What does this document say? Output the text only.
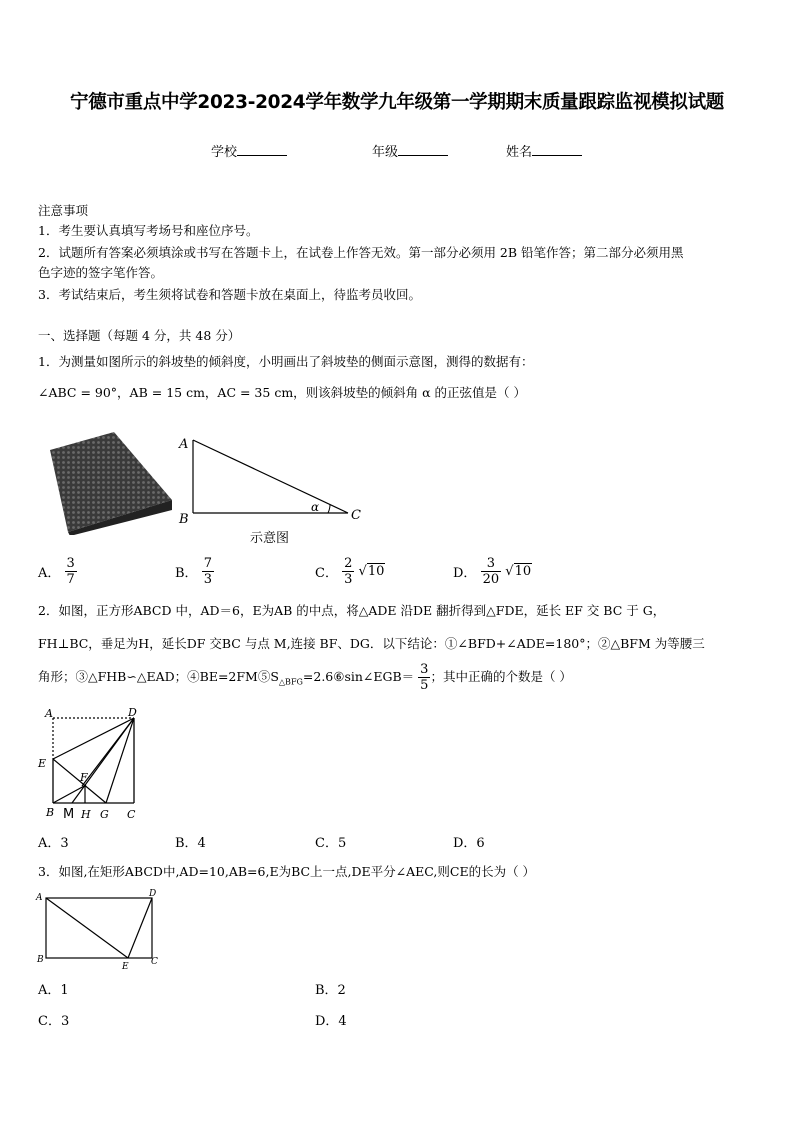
宁德市重点中学2023-2024学年数学九年级第一学期期末质量跟踪监视模拟试题
学校	年级	姓名
注意事项
1．考生要认真填写考场号和座位序号。
2．试题所有答案必须填涂或书写在答题卡上，在试卷上作答无效。第一部分必须用 2B 铅笔作答；第二部分必须用黑
色字迹的签字笔作答。
3．考试结束后，考生须将试卷和答题卡放在桌面上，待监考员收回。
一、选择题（每题 4 分，共 48 分）
1．为测量如图所示的斜坡垫的倾斜度，小明画出了斜坡垫的侧面示意图，测得的数据有：
∠ABC = 90°，AB = 15 cm，AC = 35 cm，则该斜坡垫的倾斜角 α 的正弦值是（ ）
A
B	C
α
示意图
A． $\frac{3}{7}$	B． $\frac{7}{3}$	C． $\frac{2}{3} √10$	D． $\frac{3}{20} √10$
2．如图，正方形ABCD 中，AD＝6，E为AB 的中点，将△ADE 沿DE 翻折得到△FDE，延长 EF 交 BC 于 G，
FH⊥BC，垂足为H，延长DF 交BC 与点 M,连接 BF、DG．以下结论：①∠BFD+∠ADE=180°；②△BFM 为等腰三
角形；③△FHB∽△EAD；$④BE=2FM⑤S_{\triangle BFG}=2.6⑥\sin\angle EGB= \frac{3}{5}$ ；其中正确的个数是（ ）
A	D
E
F
B M H G C
A．3	B．4	C．5	D．6
3．如图,在矩形ABCD中,AD=10,AB=6,E为BC上一点,DE平分∠AEC,则CE的长为（ ）
A	D
B
E C
A．1	B．2
C．3	D．4
